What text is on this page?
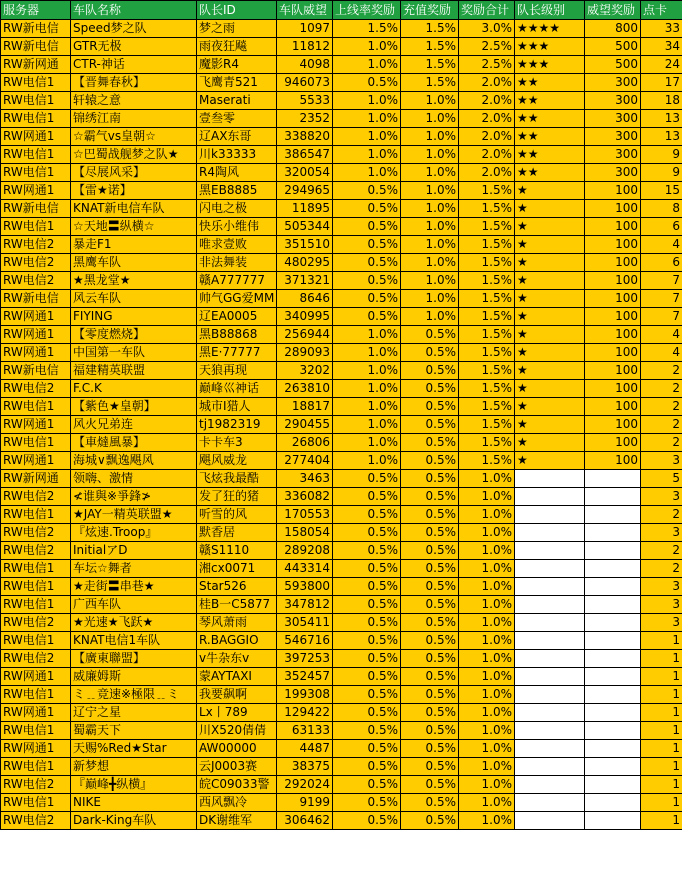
服务器	车队名称	队长ID	车队威望	上线率奖励	充值奖励	奖励合计	队长级别	威望奖励	点卡
RW新电信	Speed梦之队	梦之雨	1097	1.5%	1.5%	3.0%	★★★★	800	33
RW新电信	GTR无极	雨夜狂飚	11812	1.0%	1.5%	2.5%	★★★	500	34
RW新网通	CTR-神话	魔影R4	4098	1.0%	1.5%	2.5%	★★★	500	24
RW电信1	【晋舞春秋】	飞鹰青521	946073	0.5%	1.5%	2.0%	★★	300	17
RW电信1	轩辕之意	Maserati	5533	1.0%	1.0%	2.0%	★★	300	18
RW电信1	锦绣江南	壹叁零	2352	1.0%	1.0%	2.0%	★★	300	13
RW网通1	☆霸气vs皇朝☆	辽AX东哥	338820	1.0%	1.0%	2.0%	★★	300	13
RW电信1	☆巴蜀战舰梦之队★	川k33333	386547	1.0%	1.0%	2.0%	★★	300	9
RW电信1	【尽展风采】	R4陶风	320054	1.0%	1.0%	2.0%	★★	300	9
RW网通1	【雷★诺】	黑EB8885	294965	0.5%	1.0%	1.5%	★	100	15
RW新电信	KNAT新电信车队	闪电之极	11895	0.5%	1.0%	1.5%	★	100	8
RW电信1	☆天地〓纵横☆	快乐小维伟	505344	0.5%	1.0%	1.5%	★	100	6
RW电信2	暴走F1	唯求壹败	351510	0.5%	1.0%	1.5%	★	100	4
RW电信2	黑鹰车队	非法舞装	480295	0.5%	1.0%	1.5%	★	100	6
RW电信2	★黑龙堂★	赣A777777	371321	0.5%	1.0%	1.5%	★	100	7
RW新电信	风云车队	帅气GG爱MM	8646	0.5%	1.0%	1.5%	★	100	7
RW网通1	FIYING	辽EA0005	340995	0.5%	1.0%	1.5%	★	100	7
RW网通1	【零度燃烧】	黑B88868	256944	1.0%	0.5%	1.5%	★	100	4
RW网通1	中国第一车队	黑E·77777	289093	1.0%	0.5%	1.5%	★	100	4
RW新电信	福建精英联盟	天狼再现	3202	1.0%	0.5%	1.5%	★	100	2
RW电信2	F.C.K	巅峰巛神话	263810	1.0%	0.5%	1.5%	★	100	2
RW电信1	【紫色★皇朝】	城市I猎人	18817	1.0%	0.5%	1.5%	★	100	2
RW网通1	风火兄弟连	tj1982319	290455	1.0%	0.5%	1.5%	★	100	2
RW电信1	【車燵風暴】	卡卡车3	26806	1.0%	0.5%	1.5%	★	100	2
RW网通1	海城∨飘逸飓风	飓风威龙	277404	1.0%	0.5%	1.5%	★	100	3
RW新网通	领嗨、激情	飞炫我最酷	3463	0.5%	0.5%	1.0%			5
RW电信2	≮谁與※爭鋒≯	发了狂的猪	336082	0.5%	0.5%	1.0%			3
RW电信1	★JAY一精英联盟★	听雪的风	170553	0.5%	0.5%	1.0%			2
RW电信2	『炫速.Troop』	默香居	158054	0.5%	0.5%	1.0%			3
RW电信2	InitialアD	赣S1110	289208	0.5%	0.5%	1.0%			2
RW电信1	车坛☆舞者	湘cx0071	443314	0.5%	0.5%	1.0%			2
RW电信1	★走街〓串巷★	Star526	593800	0.5%	0.5%	1.0%			3
RW电信1	广西车队	桂B一C5877	347812	0.5%	0.5%	1.0%			3
RW电信2	★光速★飞跃★	琴风萧雨	305411	0.5%	0.5%	1.0%			3
RW电信1	KNAT电信1车队	R.BAGGIO	546716	0.5%	0.5%	1.0%			1
RW电信2	【廣東聯盟】	v牛杂东v	397253	0.5%	0.5%	1.0%			1
RW网通1	威廉姆斯	蒙AYTAXI	352457	0.5%	0.5%	1.0%			1
RW电信1	ミ﹎竞速※極限﹎ミ	我要飙啊	199308	0.5%	0.5%	1.0%			1
RW网通1	辽宁之星	Lx丨789	129422	0.5%	0.5%	1.0%			1
RW电信1	蜀霸天下	川X520倩倩	63133	0.5%	0.5%	1.0%			1
RW网通1	天赐%Red★Star	AW00000	4487	0.5%	0.5%	1.0%			1
RW电信1	新梦想	云J0003赛	38375	0.5%	0.5%	1.0%			1
RW电信2	『巅峰╋纵横』	皖C09033警	292024	0.5%	0.5%	1.0%			1
RW电信1	NIKE	西风飘冷	9199	0.5%	0.5%	1.0%			1
RW电信2	Dark-King车队	DK谢维军	306462	0.5%	0.5%	1.0%			1
